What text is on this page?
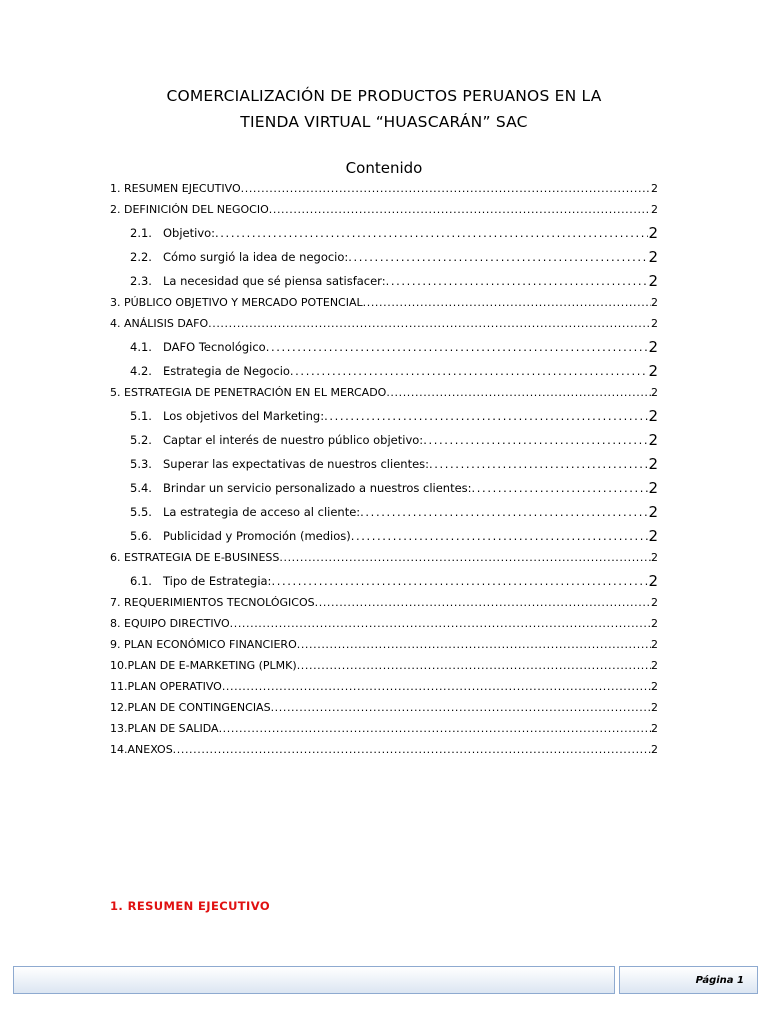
COMERCIALIZACIÓN DE PRODUCTOS PERUANOS EN LA
TIENDA VIRTUAL “HUASCARÁN” SAC
Contenido
1. RESUMEN EJECUTIVO .....	2
2. DEFINICIÓN DEL NEGOCIO .....	2
2.1. Objetivo: .....	2
2.2. Cómo surgió la idea de negocio: .....	2
2.3. La necesidad que sé piensa satisfacer: .....	2
3. PÚBLICO OBJETIVO Y MERCADO POTENCIAL .....	2
4. ANÁLISIS DAFO .....	2
4.1. DAFO Tecnológico .....	2
4.2. Estrategia de Negocio .....	2
5. ESTRATEGIA DE PENETRACIÓN EN EL MERCADO .....	2
5.1. Los objetivos del Marketing: .....	2
5.2. Captar el interés de nuestro público objetivo: .....	2
5.3. Superar las expectativas de nuestros clientes: .....	2
5.4. Brindar un servicio personalizado a nuestros clientes: .....	2
5.5. La estrategia de acceso al cliente: .....	2
5.6. Publicidad y Promoción (medios) .....	2
6. ESTRATEGIA DE E-BUSINESS .....	2
6.1. Tipo de Estrategia: .....	2
7. REQUERIMIENTOS TECNOLÓGICOS .....	2
8. EQUIPO DIRECTIVO .....	2
9. PLAN ECONÓMICO FINANCIERO .....	2
10.PLAN DE E-MARKETING (PLMK) .....	2
11.PLAN OPERATIVO .....	2
12.PLAN DE CONTINGENCIAS .....	2
13.PLAN DE SALIDA .....	2
14.ANEXOS .....	2
1. RESUMEN EJECUTIVO
Página 1
